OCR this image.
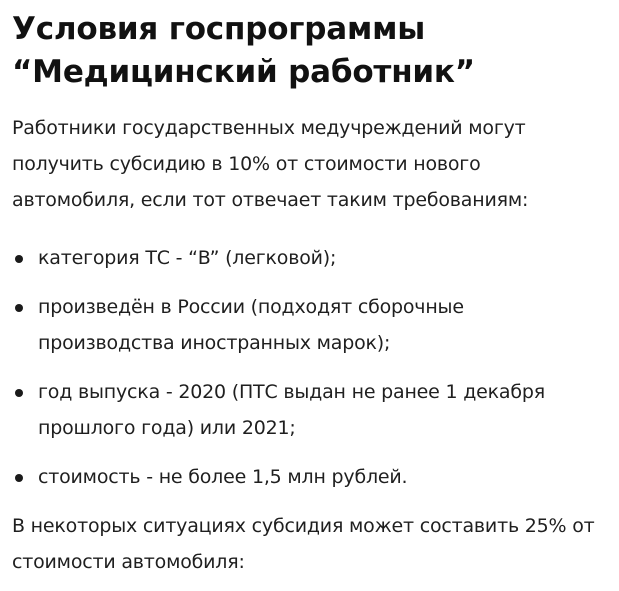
Условия госпрограммы
“Медицинский работник”

Работники государственных медучреждений могут
получить субсидию в 10% от стоимости нового
автомобиля, если тот отвечает таким требованиям:

категория ТС - “B” (легковой);
произведён в России (подходят сборочные
производства иностранных марок);
год выпуска - 2020 (ПТС выдан не ранее 1 декабря
прошлого года) или 2021;
стоимость - не более 1,5 млн рублей.

В некоторых ситуациях субсидия может составить 25% от
стоимости автомобиля:
